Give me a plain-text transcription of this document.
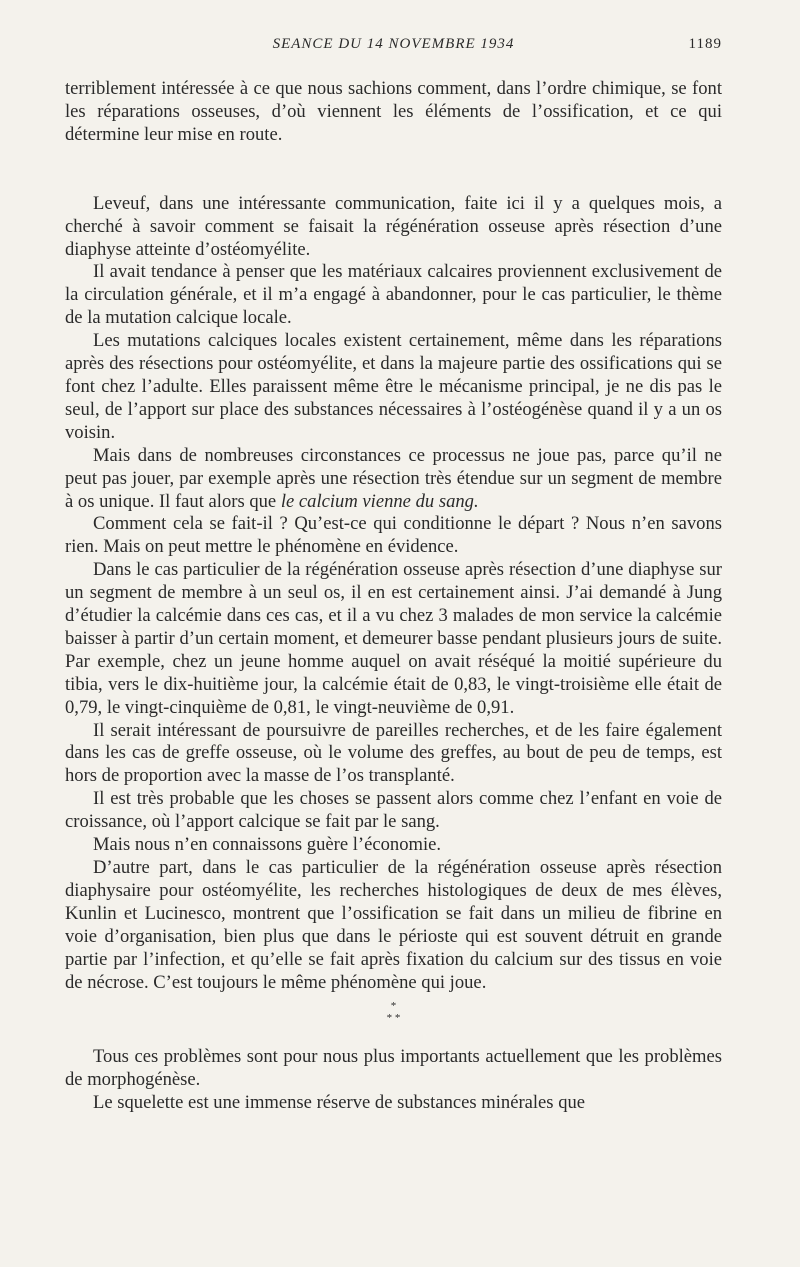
SEANCE DU 14 NOVEMBRE 1934	1189

terriblement intéressée à ce que nous sachions comment, dans l’ordre chimique, se font les réparations osseuses, d’où viennent les éléments de l’ossification, et ce qui détermine leur mise en route.

Leveuf, dans une intéressante communication, faite ici il y a quelques mois, a cherché à savoir comment se faisait la régénération osseuse après résection d’une diaphyse atteinte d’ostéomyélite.

Il avait tendance à penser que les matériaux calcaires proviennent exclusivement de la circulation générale, et il m’a engagé à abandonner, pour le cas particulier, le thème de la mutation calcique locale.

Les mutations calciques locales existent certainement, même dans les réparations après des résections pour ostéomyélite, et dans la majeure partie des ossifications qui se font chez l’adulte. Elles paraissent même être le mécanisme principal, je ne dis pas le seul, de l’apport sur place des substances nécessaires à l’ostéogénèse quand il y a un os voisin.

Mais dans de nombreuses circonstances ce processus ne joue pas, parce qu’il ne peut pas jouer, par exemple après une résection très étendue sur un segment de membre à os unique. Il faut alors que le calcium vienne du sang.

Comment cela se fait-il ? Qu’est-ce qui conditionne le départ ? Nous n’en savons rien. Mais on peut mettre le phénomène en évidence.

Dans le cas particulier de la régénération osseuse après résection d’une diaphyse sur un segment de membre à un seul os, il en est certainement ainsi. J’ai demandé à Jung d’étudier la calcémie dans ces cas, et il a vu chez 3 malades de mon service la calcémie baisser à partir d’un certain moment, et demeurer basse pendant plusieurs jours de suite. Par exemple, chez un jeune homme auquel on avait réséqué la moitié supérieure du tibia, vers le dix-huitième jour, la calcémie était de 0,83, le vingt-troisième elle était de 0,79, le vingt-cinquième de 0,81, le vingt-neuvième de 0,91.

Il serait intéressant de poursuivre de pareilles recherches, et de les faire également dans les cas de greffe osseuse, où le volume des greffes, au bout de peu de temps, est hors de proportion avec la masse de l’os transplanté.

Il est très probable que les choses se passent alors comme chez l’enfant en voie de croissance, où l’apport calcique se fait par le sang.

Mais nous n’en connaissons guère l’économie.

D’autre part, dans le cas particulier de la régénération osseuse après résection diaphysaire pour ostéomyélite, les recherches histologiques de deux de mes élèves, Kunlin et Lucinesco, montrent que l’ossification se fait dans un milieu de fibrine en voie d’organisation, bien plus que dans le périoste qui est souvent détruit en grande partie par l’infection, et qu’elle se fait après fixation du calcium sur des tissus en voie de nécrose. C’est toujours le même phénomène qui joue.

*
* *

Tous ces problèmes sont pour nous plus importants actuellement que les problèmes de morphogénèse.

Le squelette est une immense réserve de substances minérales que
